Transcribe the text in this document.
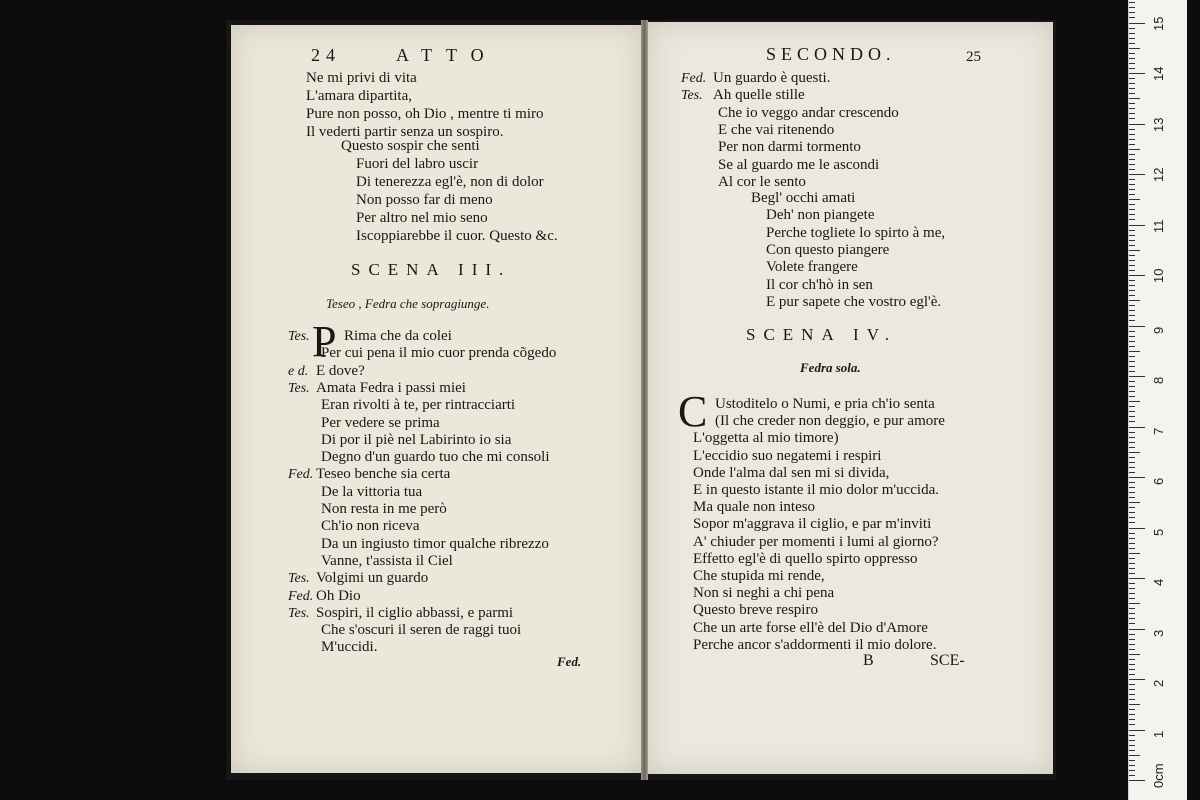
24	ATTO
Ne mi privi di vita
L'amara dipartita,
Pure non posso, oh Dio , mentre ti miro
Il vederti partir senza un sospiro.
Questo sospir che senti
Fuori del labro uscir
Di tenerezza egl'è, non di dolor
Non posso far di meno
Per altro nel mio seno
Iscoppiarebbe il cuor. Questo &c.
SCENA III.
Teseo , Fedra che sopragiunge.
Tes. P Rima che da colei
Per cui pena il mio cuor prenda cõgedo
e d. E dove?
Tes. Amata Fedra i passi miei
Eran rivolti à te, per rintracciarti
Per vedere se prima
Di por il piè nel Labirinto io sia
Degno d'un guardo tuo che mi consoli
Fed. Teseo benche sia certa
De la vittoria tua
Non resta in me però
Ch'io non riceva
Da un ingiusto timor qualche ribrezzo
Vanne, t'assista il Ciel
Tes. Volgimi un guardo
Fed. Oh Dio
Tes. Sospiri, il ciglio abbassi, e parmi
Che s'oscuri il seren de raggi tuoi
M'uccidi.
Fed.
SECONDO.	25
Fed. Un guardo è questi.
Tes. Ah quelle stille
Che io veggo andar crescendo
E che vai ritenendo
Per non darmi tormento
Se al guardo me le ascondi
Al cor le sento
Begl' occhi amati
Deh' non piangete
Perche togliete lo spirto à me,
Con questo piangere
Volete frangere
Il cor ch'hò in sen
E pur sapete che vostro egl'è.
SCENA IV.
Fedra sola.
C Ustoditelo o Numi, e pria ch'io senta
(Il che creder non deggio, e pur amore
L'oggetta al mio timore)
L'eccidio suo negatemi i respiri
Onde l'alma dal sen mi si divida,
E in questo istante il mio dolor m'uccida.
Ma quale non inteso
Sopor m'aggrava il ciglio, e par m'inviti
A' chiuder per momenti i lumi al giorno?
Effetto egl'è di quello spirto oppresso
Che stupida mi rende,
Non si neghi a chi pena
Questo breve respiro
Che un arte forse ell'è del Dio d'Amore
Perche ancor s'addormenti il mio dolore.
B	SCE-
0cm
1
2
3
4
5
6
7
8
9
10
11
12
13
14
15
